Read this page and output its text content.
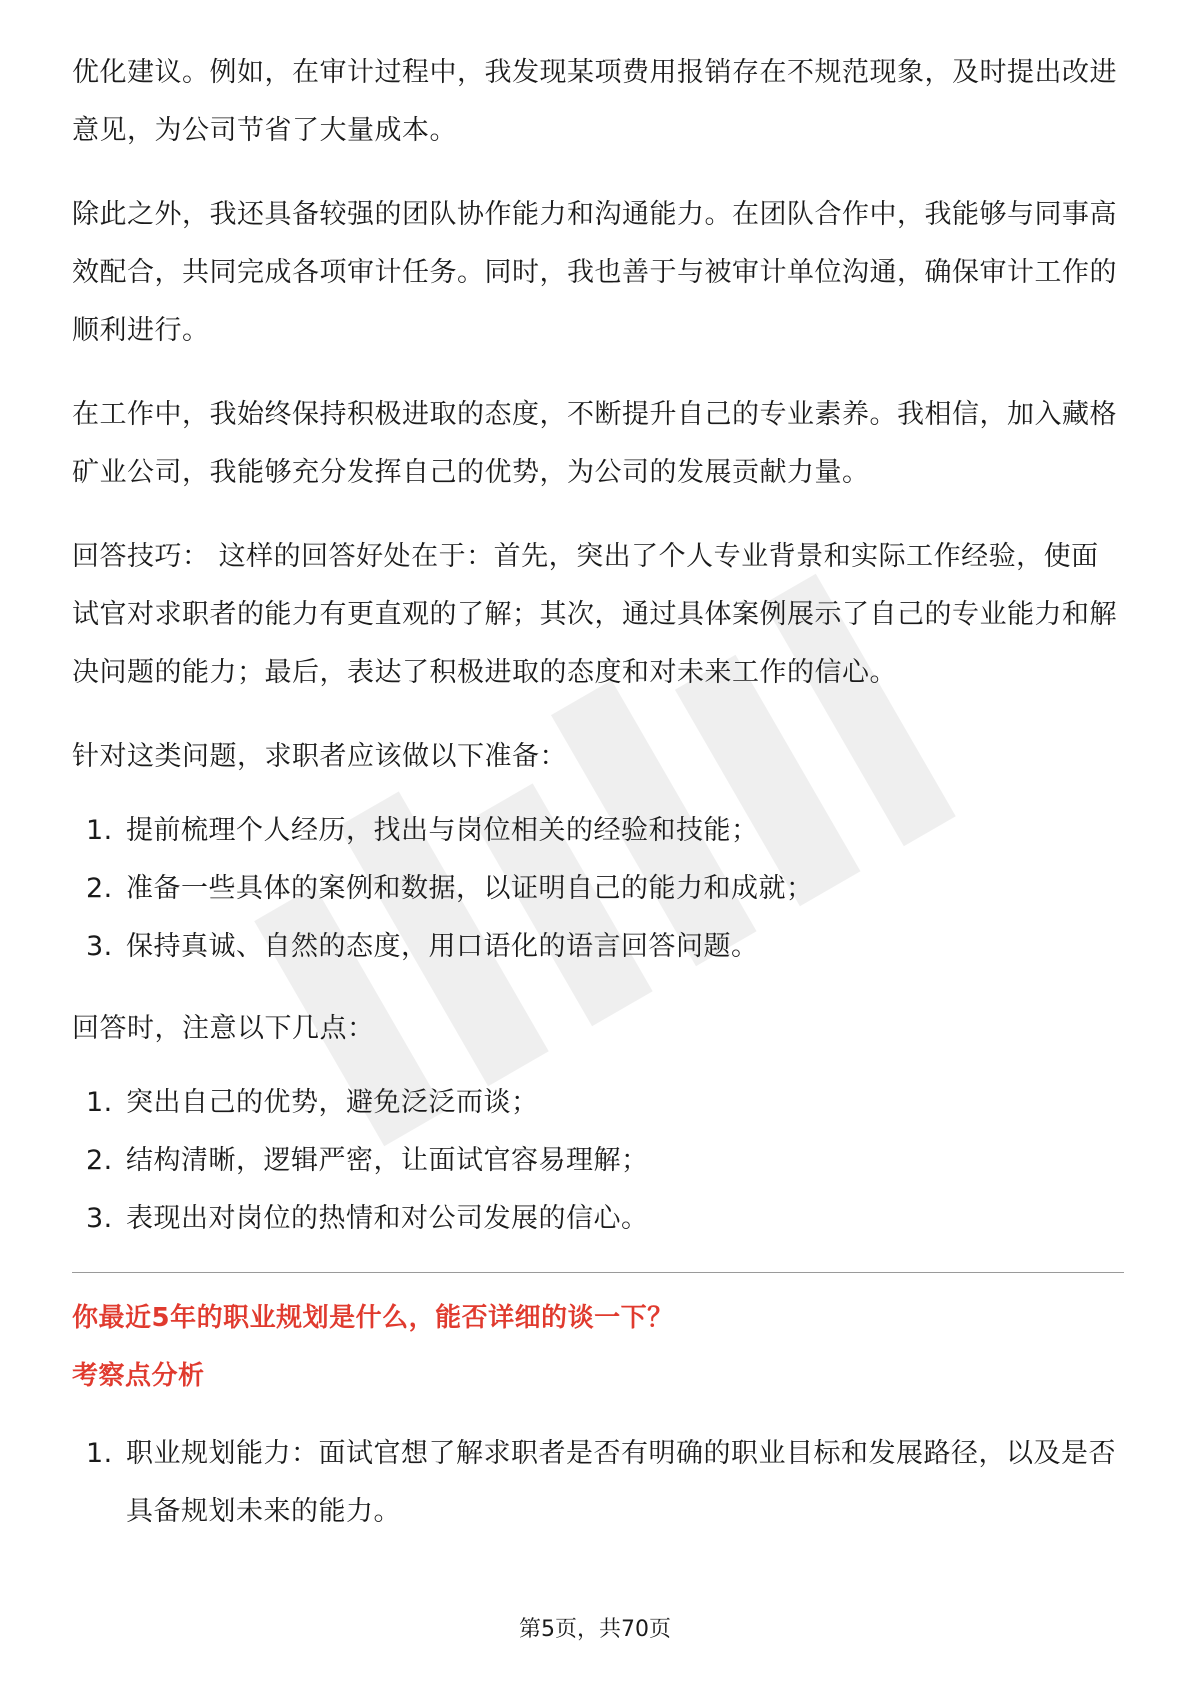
优化建议。例如，在审计过程中，我发现某项费用报销存在不规范现象，及时提出改进意见，为公司节省了大量成本。

除此之外，我还具备较强的团队协作能力和沟通能力。在团队合作中，我能够与同事高效配合，共同完成各项审计任务。同时，我也善于与被审计单位沟通，确保审计工作的顺利进行。

在工作中，我始终保持积极进取的态度，不断提升自己的专业素养。我相信，加入藏格矿业公司，我能够充分发挥自己的优势，为公司的发展贡献力量。

回答技巧： 这样的回答好处在于：首先，突出了个人专业背景和实际工作经验，使面试官对求职者的能力有更直观的了解；其次，通过具体案例展示了自己的专业能力和解决问题的能力；最后，表达了积极进取的态度和对未来工作的信心。

针对这类问题，求职者应该做以下准备：

1. 提前梳理个人经历，找出与岗位相关的经验和技能；
2. 准备一些具体的案例和数据，以证明自己的能力和成就；
3. 保持真诚、自然的态度，用口语化的语言回答问题。

回答时，注意以下几点：

1. 突出自己的优势，避免泛泛而谈；
2. 结构清晰，逻辑严密，让面试官容易理解；
3. 表现出对岗位的热情和对公司发展的信心。
你最近5年的职业规划是什么，能否详细的谈一下？
考察点分析
1. 职业规划能力：面试官想了解求职者是否有明确的职业目标和发展路径，以及是否具备规划未来的能力。
第5页，共70页
